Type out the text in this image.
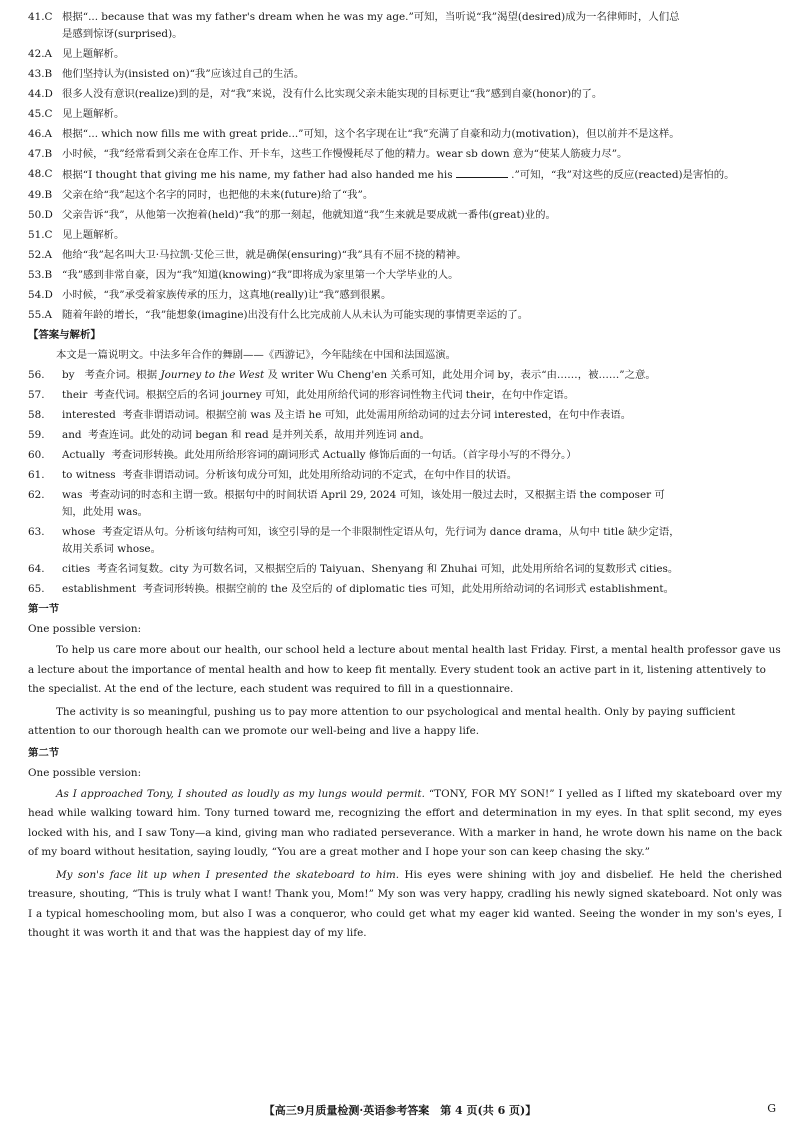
41.C 根据“... because that was my father's dream when he was my age.”可知，当听说“我”渴望(desired)成为一名律师时，人们总
是感到惊讶(surprised)。
42.A 见上题解析。
43.B 他们坚持认为(insisted on)“我”应该过自己的生活。
44.D 很多人没有意识(realize)到的是，对“我”来说，没有什么比实现父亲未能实现的目标更让“我”感到自豪(honor)的了。
45.C 见上题解析。
46.A 根据“... which now fills me with great pride...”可知，这个名字现在让“我”充满了自豪和动力(motivation)，但以前并不是这样。
47.B 小时候，“我”经常看到父亲在仓库工作、开卡车，这些工作慢慢耗尽了他的精力。wear sb down 意为“使某人筋疲力尽”。
48.C 根据“I thought that giving me his name, my father had also handed me his	.”可知，“我”对这些的反应(reacted)是害怕的。
49.B 父亲在给“我”起这个名字的同时，也把他的未来(future)给了“我”。
50.D 父亲告诉“我”，从他第一次抱着(held)“我”的那一刻起，他就知道“我”生来就是要成就一番伟(great)业的。
51.C 见上题解析。
52.A 他给“我”起名叫大卫·马拉凯·艾伦三世，就是确保(ensuring)“我”具有不屈不挠的精神。
53.B “我”感到非常自豪，因为“我”知道(knowing)“我”即将成为家里第一个大学毕业的人。
54.D 小时候，“我”承受着家族传承的压力，这真地(really)让“我”感到很累。
55.A 随着年龄的增长，“我”能想象(imagine)出没有什么比完成前人从未认为可能实现的事情更幸运的了。
【答案与解析】
本文是一篇说明文。中法多年合作的舞剧——《西游记》，今年陆续在中国和法国巡演。
56.	by 考查介词。根据 Journey to the West 及 writer Wu Cheng'en 关系可知，此处用介词 by，表示“由……，被……”之意。
57.	their 考查代词。根据空后的名词 journey 可知，此处用所给代词的形容词性物主代词 their，在句中作定语。
58.	interested 考查非谓语动词。根据空前 was 及主语 he 可知，此处需用所给动词的过去分词 interested，在句中作表语。
59.	and 考查连词。此处的动词 began 和 read 是并列关系，故用并列连词 and。
60.	Actually 考查词形转换。此处用所给形容词的副词形式 Actually 修饰后面的一句话。（首字母小写的不得分。）
61.	to witness 考查非谓语动词。分析该句成分可知，此处用所给动词的不定式，在句中作目的状语。
62.	was 考查动词的时态和主谓一致。根据句中的时间状语 April 29, 2024 可知，该处用一般过去时，又根据主语 the composer 可
知，此处用 was。
63.	whose 考查定语从句。分析该句结构可知，该空引导的是一个非限制性定语从句，先行词为 dance drama，从句中 title 缺少定语，
故用关系词 whose。
64.	cities 考查名词复数。city 为可数名词，又根据空后的 Taiyuan、Shenyang 和 Zhuhai 可知，此处用所给名词的复数形式 cities。
65.	establishment 考查词形转换。根据空前的 the 及空后的 of diplomatic ties 可知，此处用所给动词的名词形式 establishment。
第一节
One possible version:
To help us care more about our health, our school held a lecture about mental health last Friday. First, a mental health professor gave us a lecture about the importance of mental health and how to keep fit mentally. Every student took an active part in it, listening attentively to the specialist. At the end of the lecture, each student was required to fill in a questionnaire.
The activity is so meaningful, pushing us to pay more attention to our psychological and mental health. Only by paying sufficient attention to our thorough health can we promote our well-being and live a happy life.
第二节
One possible version:
As I approached Tony, I shouted as loudly as my lungs would permit. “TONY, FOR MY SON!” I yelled as I lifted my skateboard over my head while walking toward him. Tony turned toward me, recognizing the effort and determination in my eyes. In that split second, my eyes locked with his, and I saw Tony—a kind, giving man who radiated perseverance. With a marker in hand, he wrote down his name on the back of my board without hesitation, saying loudly, “You are a great mother and I hope your son can keep chasing the sky.”
My son's face lit up when I presented the skateboard to him. His eyes were shining with joy and disbelief. He held the cherished treasure, shouting, “This is truly what I want! Thank you, Mom!” My son was very happy, cradling his newly signed skateboard. Not only was I a typical homeschooling mom, but also I was a conqueror, who could get what my eager kid wanted. Seeing the wonder in my son's eyes, I thought it was worth it and that was the happiest day of my life.
【高三9月质量检测·英语参考答案　第 4 页(共 6 页)】	G
